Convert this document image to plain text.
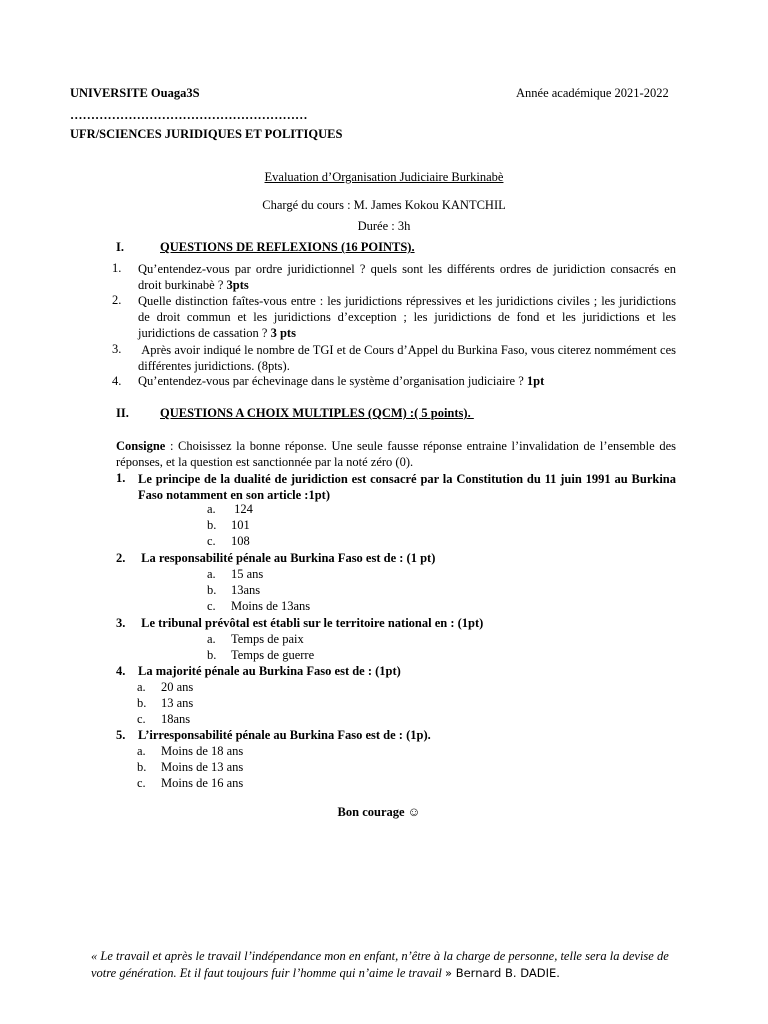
UNIVERSITE Ouaga3S	Année académique 2021-2022
…………………………………………………
UFR/SCIENCES JURIDIQUES ET POLITIQUES
Evaluation d’Organisation Judiciaire Burkinabè
Chargé du cours : M. James Kokou KANTCHIL
Durée : 3h
I.	QUESTIONS DE REFLEXIONS (16 POINTS).
1. Qu’entendez-vous par ordre juridictionnel ? quels sont les différents ordres de juridiction consacrés en droit burkinabè ? 3pts
2. Quelle distinction faîtes-vous entre : les juridictions répressives et les juridictions civiles ; les juridictions de droit commun et les juridictions d’exception ; les juridictions de fond et les juridictions et les juridictions de cassation ? 3 pts
3. Après avoir indiqué le nombre de TGI et de Cours d’Appel du Burkina Faso, vous citerez nommément ces différentes juridictions. (8pts).
4. Qu’entendez-vous par échevinage dans le système d’organisation judiciaire ? 1pt
II. QUESTIONS A CHOIX MULTIPLES (QCM) :( 5 points).
Consigne : Choisissez la bonne réponse. Une seule fausse réponse entraine l’invalidation de l’ensemble des réponses, et la question est sanctionnée par la noté zéro (0).
1. Le principe de la dualité de juridiction est consacré par la Constitution du 11 juin 1991 au Burkina Faso notamment en son article :1pt)
a. 124
b. 101
c. 108
2. La responsabilité pénale au Burkina Faso est de : (1 pt)
a. 15 ans
b. 13ans
c. Moins de 13ans
3. Le tribunal prévôtal est établi sur le territoire national en : (1pt)
a. Temps de paix
b. Temps de guerre
4. La majorité pénale au Burkina Faso est de : (1pt)
a. 20 ans
b. 13 ans
c. 18ans
5. L’irresponsabilité pénale au Burkina Faso est de : (1p).
a. Moins de 18 ans
b. Moins de 13 ans
c. Moins de 16 ans
Bon courage ☺
« Le travail et après le travail l’indépendance mon en enfant, n’être à la charge de personne, telle sera la devise de votre génération. Et il faut toujours fuir l’homme qui n’aime le travail » Bernard B. DADIE.
